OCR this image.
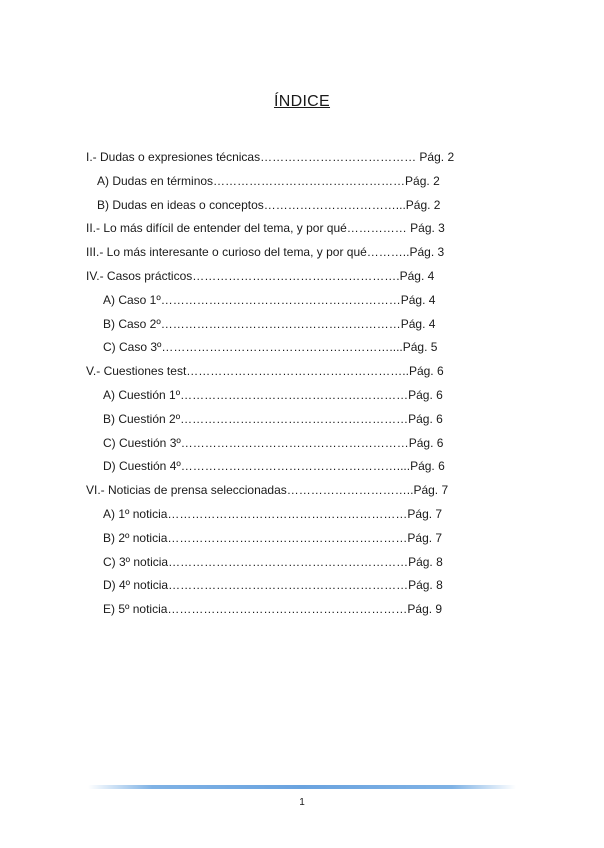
ÍNDICE
I.- Dudas o expresiones técnicas………………………………… Pág. 2
A) Dudas en términos…………………………………………Pág. 2
B) Dudas en ideas o conceptos……………………………...Pág. 2
II.- Lo más difícil de entender del tema, y por qué…………… Pág. 3
III.- Lo más interesante o curioso del tema, y por qué………..Pág. 3
IV.- Casos prácticos…………………………………………….Pág. 4
A) Caso 1º……………………………………………………Pág. 4
B) Caso 2º……………………………………………………Pág. 4
C) Caso 3º…………………………………………………....Pág. 5
V.- Cuestiones test………………………………………………..Pág. 6
A) Cuestión 1º…………………………………………………Pág. 6
B) Cuestión 2º…………………………………………………Pág. 6
C) Cuestión 3º…………………………………………………Pág. 6
D) Cuestión 4º………………………………………………....Pág. 6
VI.- Noticias de prensa seleccionadas…………………………..Pág. 7
A) 1º noticia……………………………………………………Pág. 7
B) 2º noticia……………………………………………………Pág. 7
C) 3º noticia……………………………………………………Pág. 8
D) 4º noticia……………………………………………………Pág. 8
E) 5º noticia……………………………………………………Pág. 9
1
